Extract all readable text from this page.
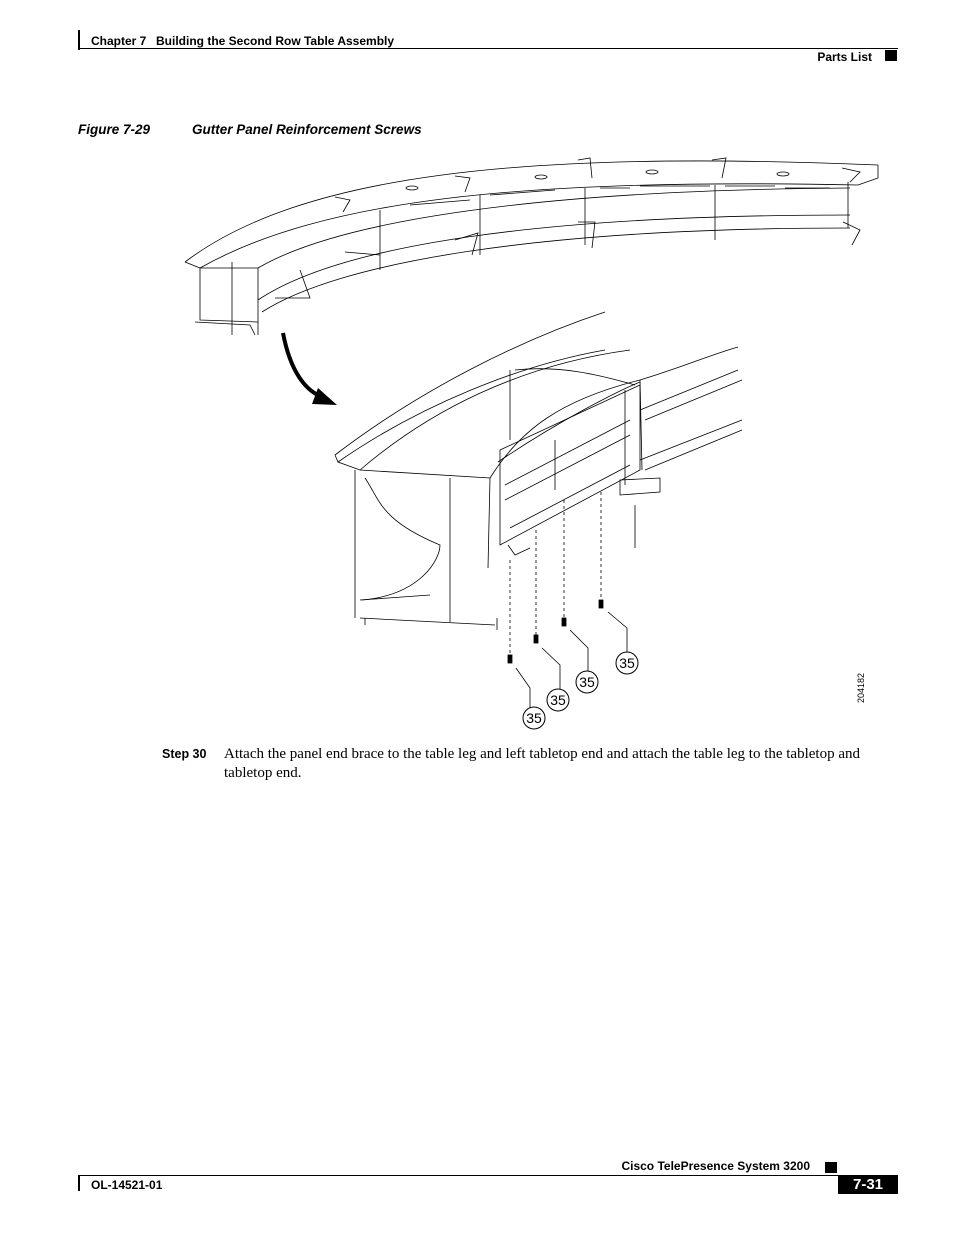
Chapter 7 Building the Second Row Table Assembly
Parts List
Figure 7-29	Gutter Panel Reinforcement Screws
35
35
35
35
204182
Step 30 Attach the panel end brace to the table leg and left tabletop end and attach the table leg to the tabletop and tabletop end.
Cisco TelePresence System 3200
OL-14521-01	7-31
